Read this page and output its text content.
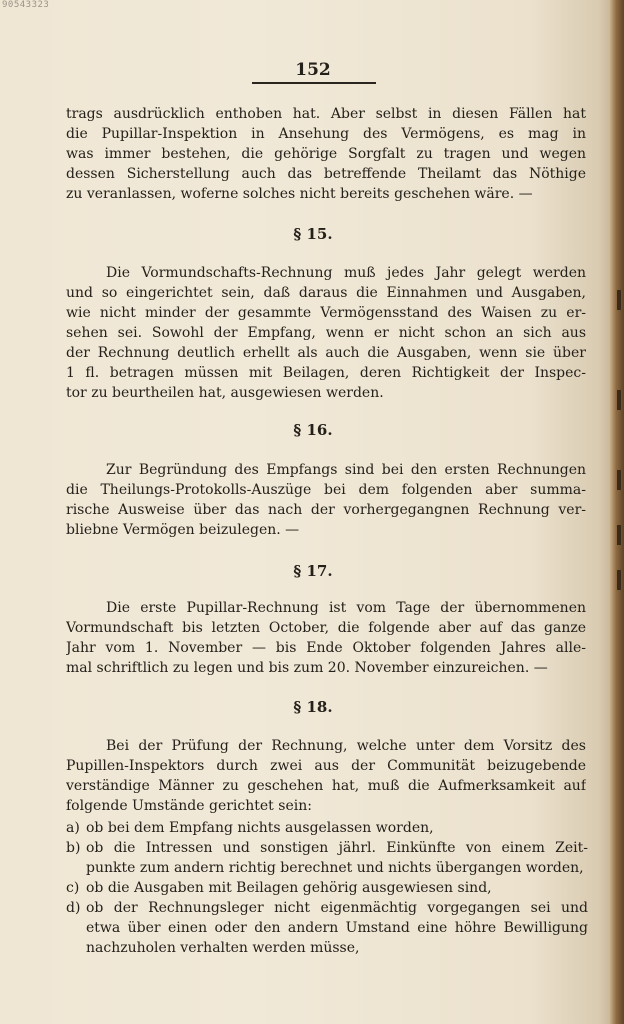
90543323
152
trags ausdrücklich enthoben hat. Aber selbst in diesen Fällen hat
die Pupillar-Inspektion in Ansehung des Vermögens, es mag in
was immer bestehen, die gehörige Sorgfalt zu tragen und wegen
dessen Sicherstellung auch das betreffende Theilamt das Nöthige
zu veranlassen, woferne solches nicht bereits geschehen wäre. —
§ 15.
Die Vormundschafts-Rechnung muß jedes Jahr gelegt werden
und so eingerichtet sein, daß daraus die Einnahmen und Ausgaben,
wie nicht minder der gesammte Vermögensstand des Waisen zu er-
sehen sei. Sowohl der Empfang, wenn er nicht schon an sich aus
der Rechnung deutlich erhellt als auch die Ausgaben, wenn sie über
1 fl. betragen müssen mit Beilagen, deren Richtigkeit der Inspec-
tor zu beurtheilen hat, ausgewiesen werden.
§ 16.
Zur Begründung des Empfangs sind bei den ersten Rechnungen
die Theilungs-Protokolls-Auszüge bei dem folgenden aber summa-
rische Ausweise über das nach der vorhergegangnen Rechnung ver-
bliebne Vermögen beizulegen. —
§ 17.
Die erste Pupillar-Rechnung ist vom Tage der übernommenen
Vormundschaft bis letzten October, die folgende aber auf das ganze
Jahr vom 1. November — bis Ende Oktober folgenden Jahres alle-
mal schriftlich zu legen und bis zum 20. November einzureichen. —
§ 18.
Bei der Prüfung der Rechnung, welche unter dem Vorsitz des
Pupillen-Inspektors durch zwei aus der Communität beizugebende
verständige Männer zu geschehen hat, muß die Aufmerksamkeit auf
folgende Umstände gerichtet sein:
a) ob bei dem Empfang nichts ausgelassen worden,
b) ob die Intressen und sonstigen jährl. Einkünfte von einem Zeit-
punkte zum andern richtig berechnet und nichts übergangen worden,
c) ob die Ausgaben mit Beilagen gehörig ausgewiesen sind,
d) ob der Rechnungsleger nicht eigenmächtig vorgegangen sei und
etwa über einen oder den andern Umstand eine höhre Bewilligung
nachzuholen verhalten werden müsse,
